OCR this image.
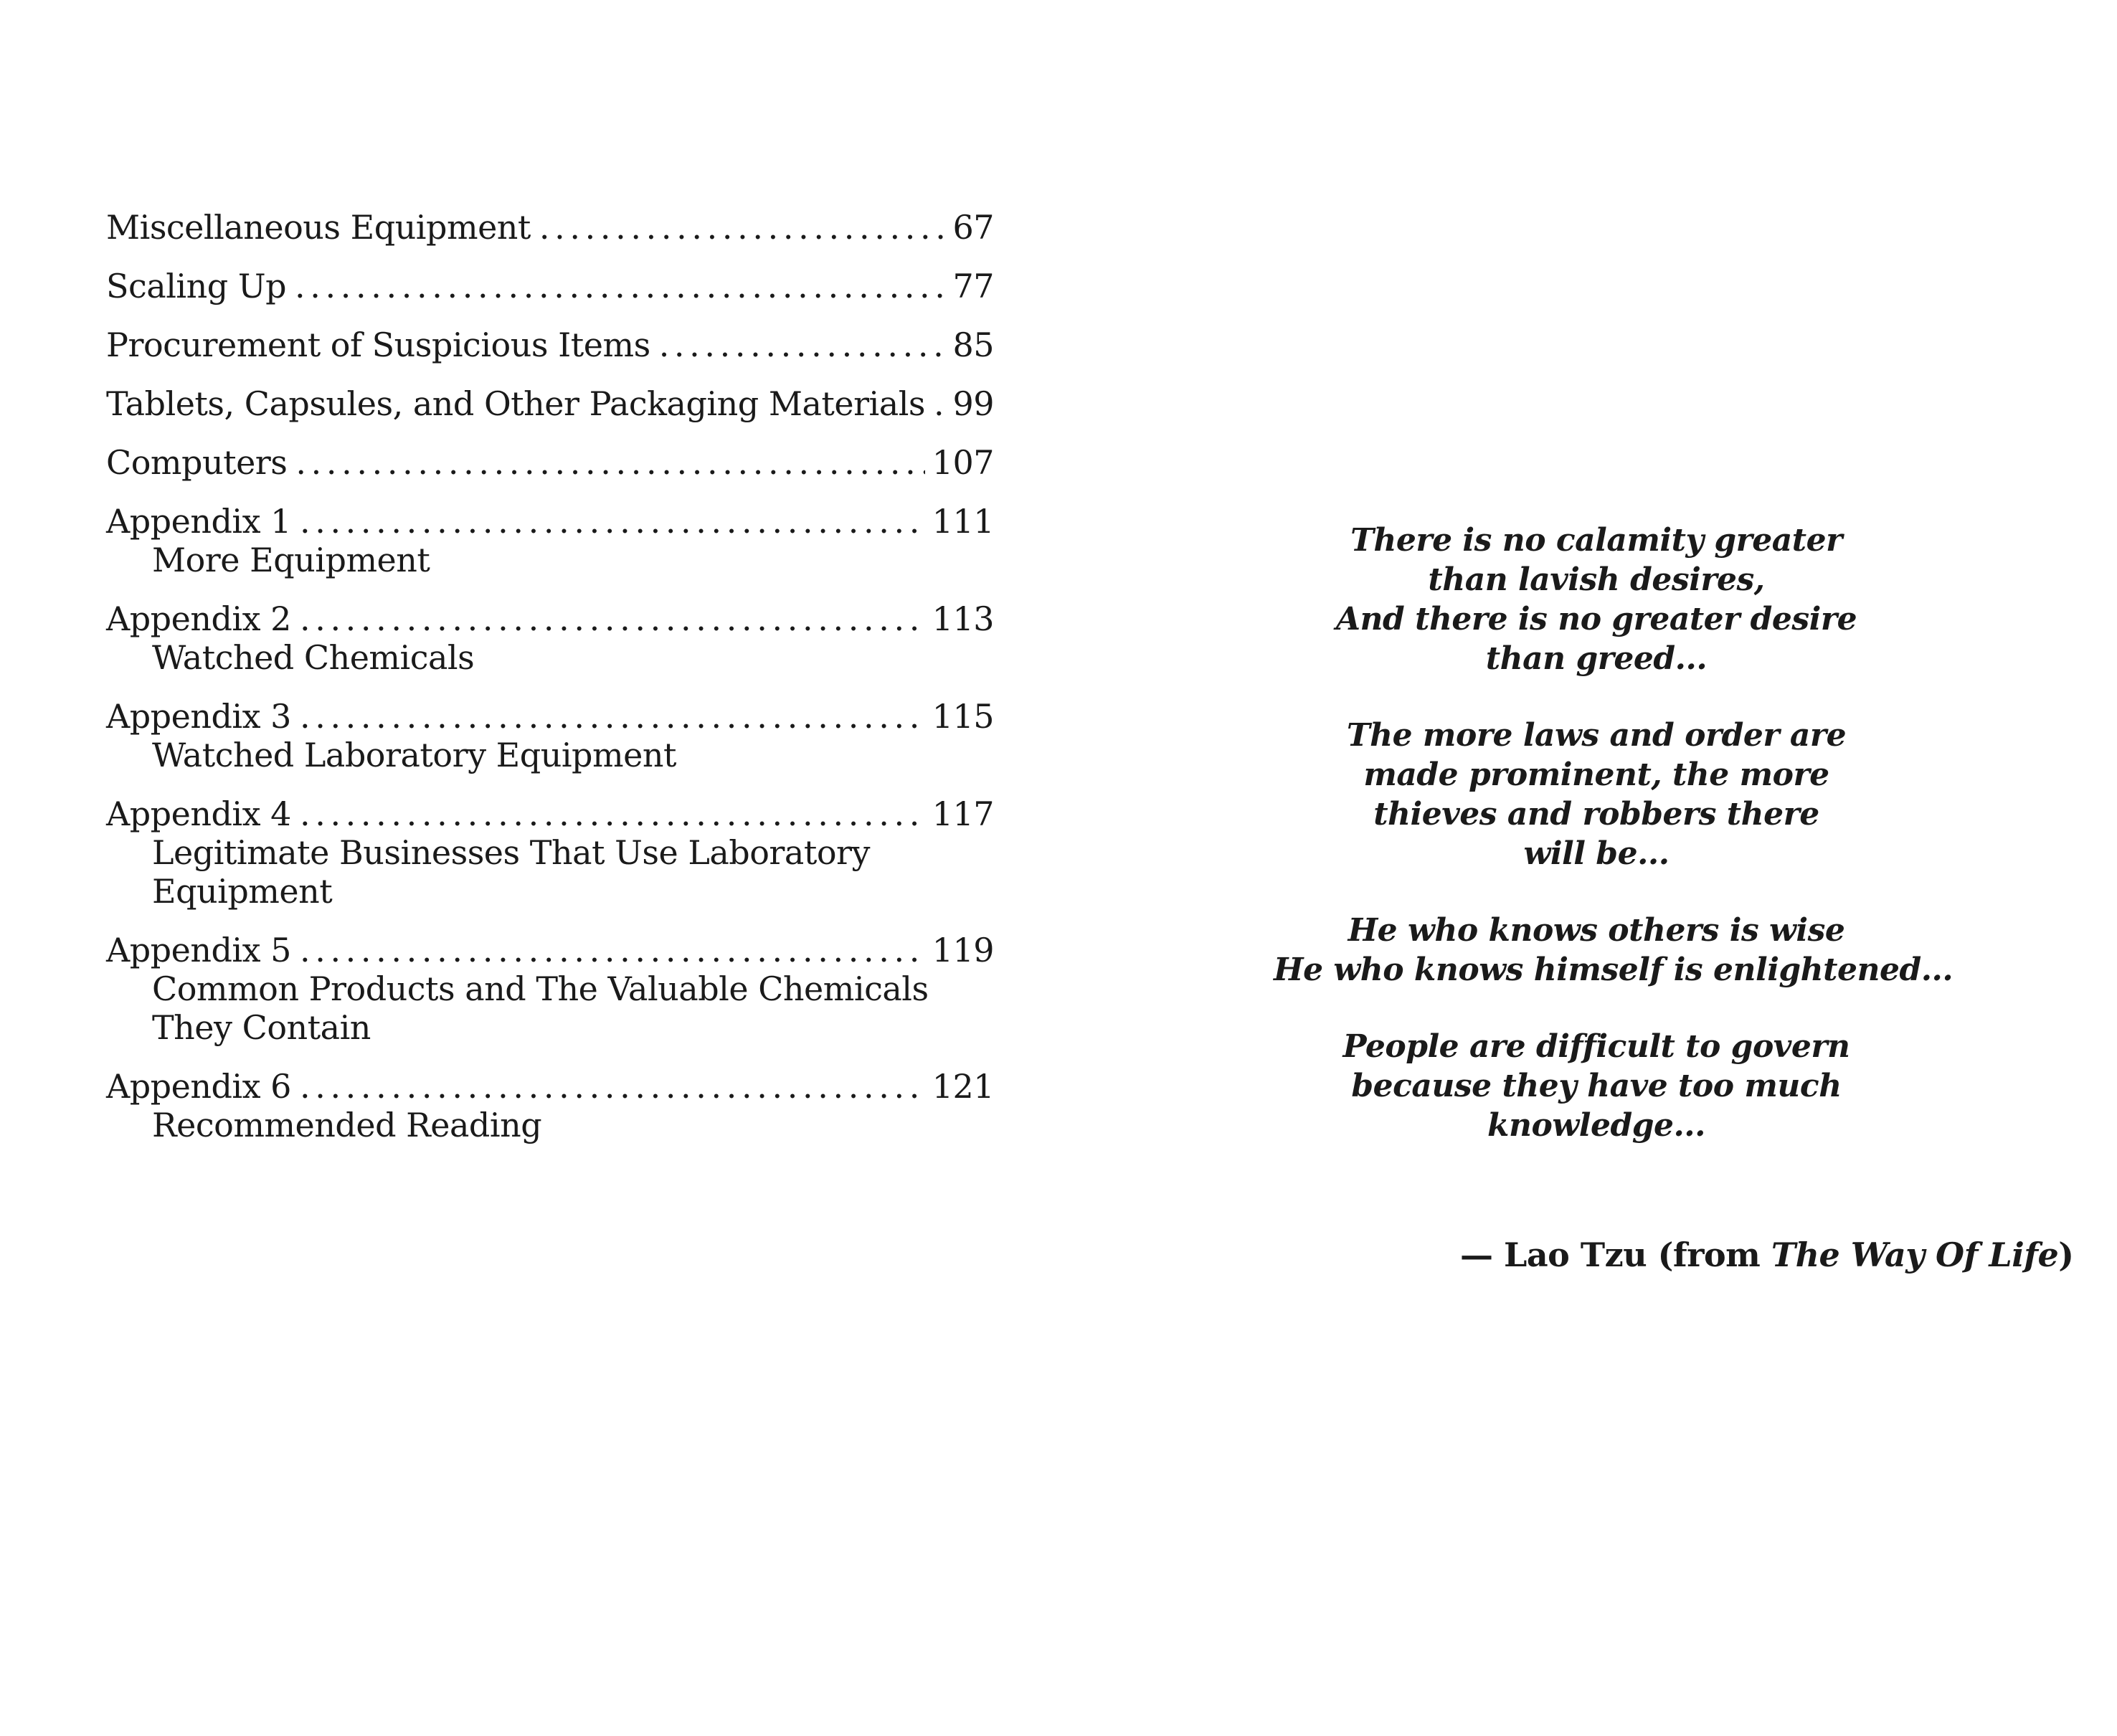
Miscellaneous Equipment . . .	67
Scaling Up . . .	77
Procurement of Suspicious Items . . .	85
Tablets, Capsules, and Other Packaging Materials . . . 99
Computers . . .	107
Appendix 1 . . .	111
More Equipment
Appendix 2 . . .	113
Watched Chemicals
Appendix 3 . . .	115
Watched Laboratory Equipment
Appendix 4 . . .	117
Legitimate Businesses That Use Laboratory Equipment
Appendix 5 . . .	119
Common Products and The Valuable Chemicals They Contain
Appendix 6 . . .	121
Recommended Reading
There is no calamity greater
than lavish desires,
And there is no greater desire
than greed...
The more laws and order are
made prominent, the more
thieves and robbers there
will be...
He who knows others is wise
He who knows himself is enlightened...
People are difficult to govern
because they have too much
knowledge...
— Lao Tzu (from The Way Of Life)
